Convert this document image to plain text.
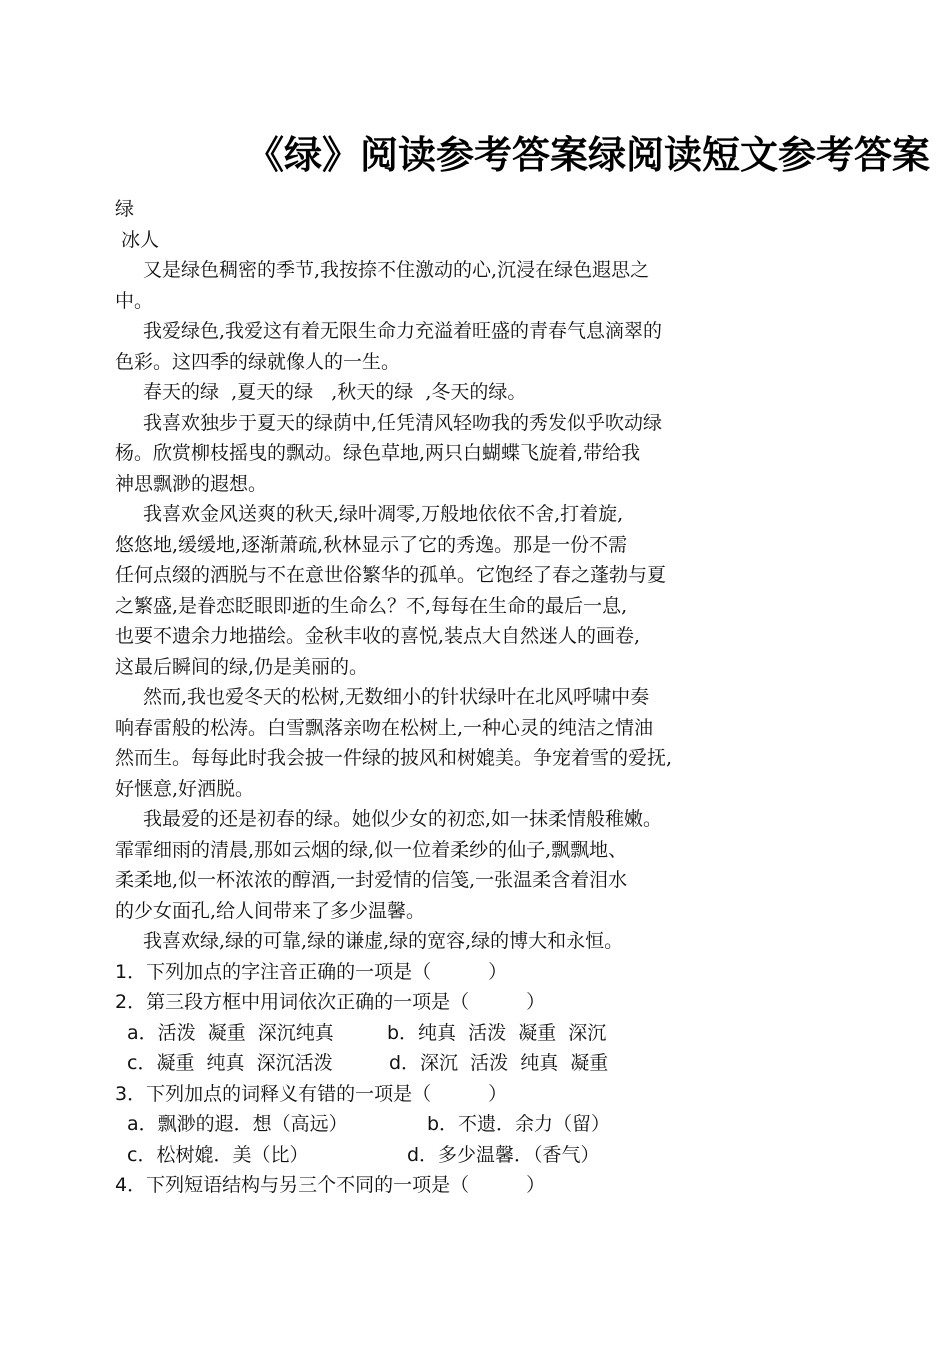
《绿》阅读参考答案绿阅读短文参考答案
绿
冰人
又是绿色稠密的季节,我按捺不住激动的心,沉浸在绿色遐思之
中。
我爱绿色,我爱这有着无限生命力充溢着旺盛的青春气息滴翠的
色彩。这四季的绿就像人的一生。
春天的绿  ,夏天的绿   ,秋天的绿  ,冬天的绿。
我喜欢独步于夏天的绿荫中,任凭清风轻吻我的秀发似乎吹动绿
杨。欣赏柳枝摇曳的飘动。绿色草地,两只白蝴蝶飞旋着,带给我
神思飘渺的遐想。
我喜欢金风送爽的秋天,绿叶凋零,万般地依依不舍,打着旋,
悠悠地,缓缓地,逐渐萧疏,秋林显示了它的秀逸。那是一份不需
任何点缀的洒脱与不在意世俗繁华的孤单。它饱经了春之蓬勃与夏
之繁盛,是眷恋眨眼即逝的生命么？不,每每在生命的最后一息,
也要不遗余力地描绘。金秋丰收的喜悦,装点大自然迷人的画卷,
这最后瞬间的绿,仍是美丽的。
然而,我也爱冬天的松树,无数细小的针状绿叶在北风呼啸中奏
响春雷般的松涛。白雪飘落亲吻在松树上,一种心灵的纯洁之情油
然而生。每每此时我会披一件绿的披风和树媲美。争宠着雪的爱抚,
好惬意,好洒脱。
我最爱的还是初春的绿。她似少女的初恋,如一抹柔情般稚嫩。
霏霏细雨的清晨,那如云烟的绿,似一位着柔纱的仙子,飘飘地、
柔柔地,似一杯浓浓的醇酒,一封爱情的信笺,一张温柔含着泪水
的少女面孔,给人间带来了多少温馨。
我喜欢绿,绿的可靠,绿的谦虚,绿的宽容,绿的博大和永恒。
1．下列加点的字注音正确的一项是（　　　）
2．第三段方框中用词依次正确的一项是（　　　）
a．活泼  凝重  深沉纯真	b．纯真  活泼  凝重  深沉
c．凝重  纯真  深沉活泼	d．深沉  活泼  纯真  凝重
3．下列加点的词释义有错的一项是（　　　）
a．飘渺的遐．想（高远）	b．不遗．余力（留）
c．松树媲．美（比）	d．多少温馨．（香气）
4．下列短语结构与另三个不同的一项是（　　　）
